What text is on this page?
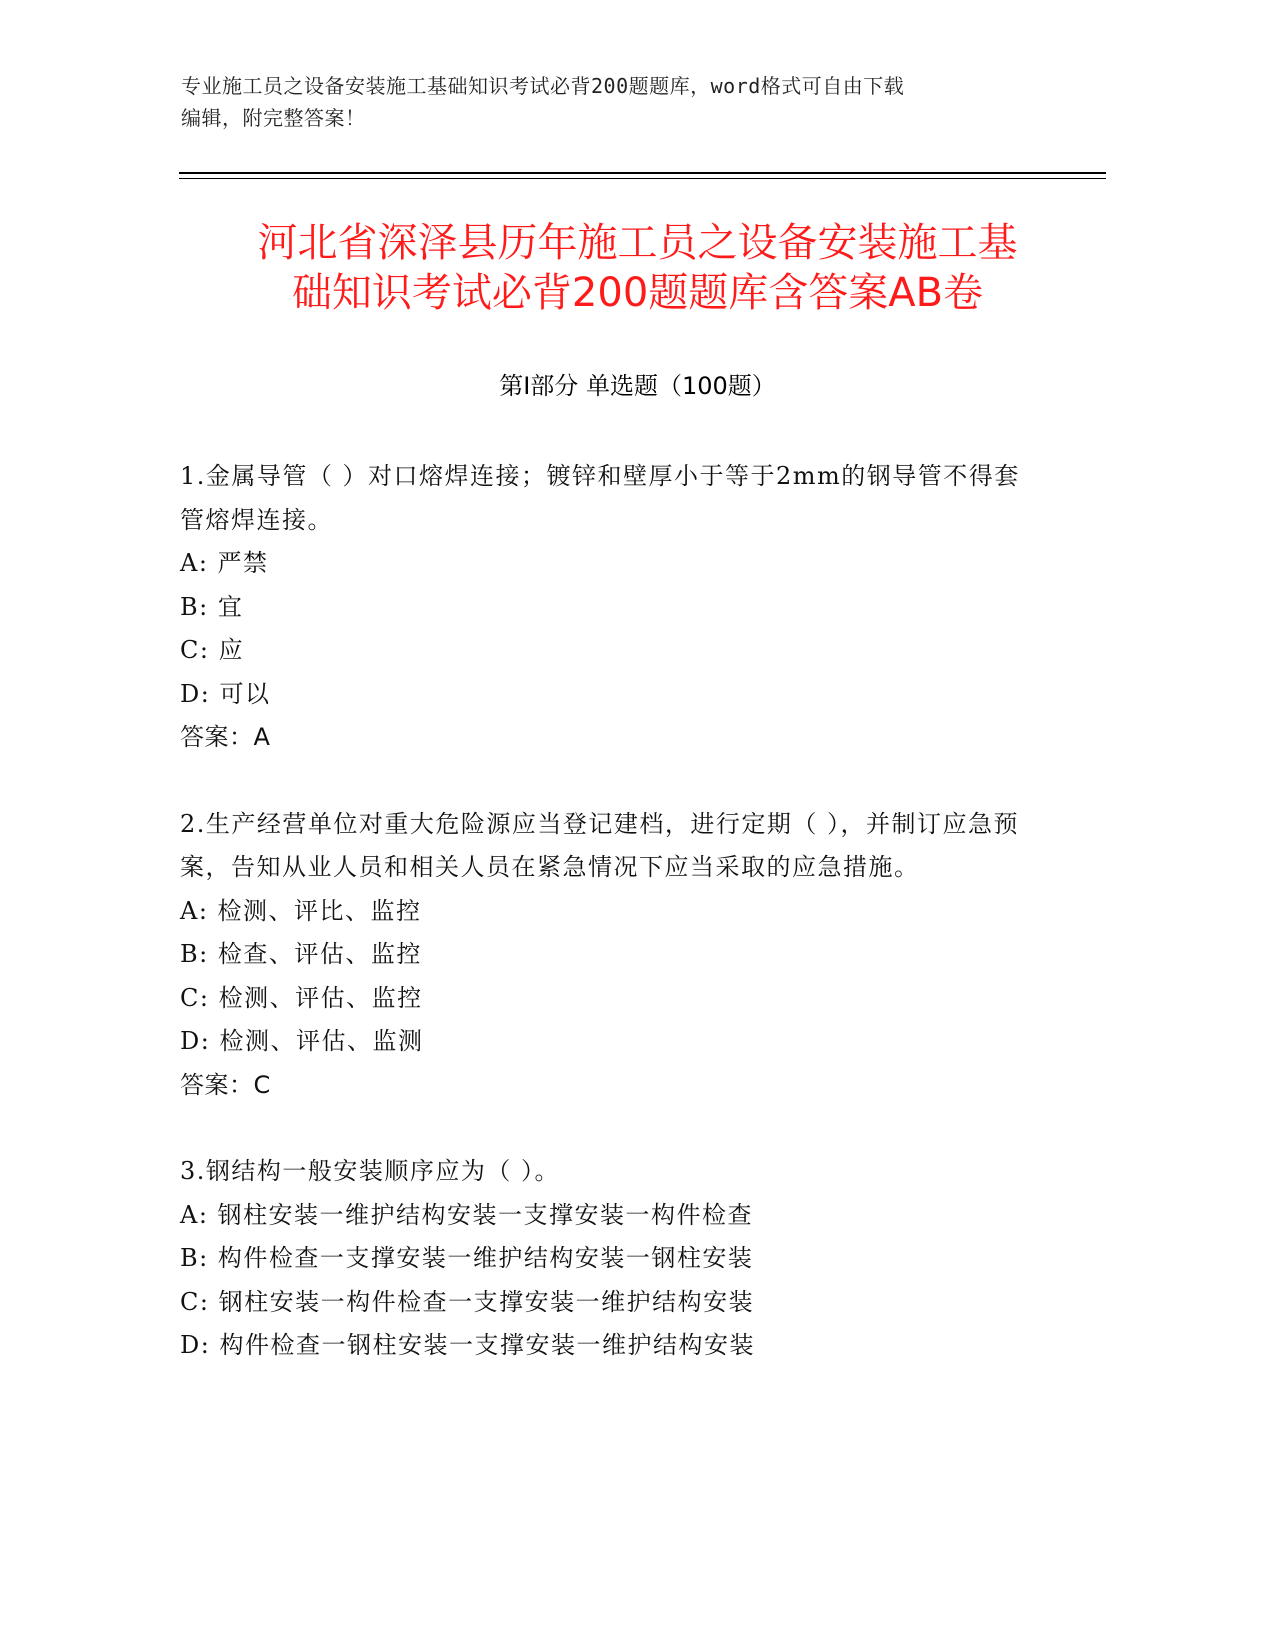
专业施工员之设备安装施工基础知识考试必背200题题库，word格式可自由下载
编辑，附完整答案！
河北省深泽县历年施工员之设备安装施工基
础知识考试必背200题题库含答案AB卷
第Ⅰ部分 单选题（100题）

1.金属导管（ ）对口熔焊连接；镀锌和壁厚小于等于2mm的钢导管不得套管熔焊连接。

A: 严禁

B: 宜

C: 应

D: 可以

答案：A

2.生产经营单位对重大危险源应当登记建档，进行定期（ ），并制订应急预案，告知从业人员和相关人员在紧急情况下应当采取的应急措施。

A: 检测、评比、监控

B: 检查、评估、监控

C: 检测、评估、监控

D: 检测、评估、监测

答案：C

3.钢结构一般安装顺序应为（ ）。

A: 钢柱安装一维护结构安装一支撑安装一构件检查

B: 构件检查一支撑安装一维护结构安装一钢柱安装

C: 钢柱安装一构件检查一支撑安装一维护结构安装

D: 构件检查一钢柱安装一支撑安装一维护结构安装
